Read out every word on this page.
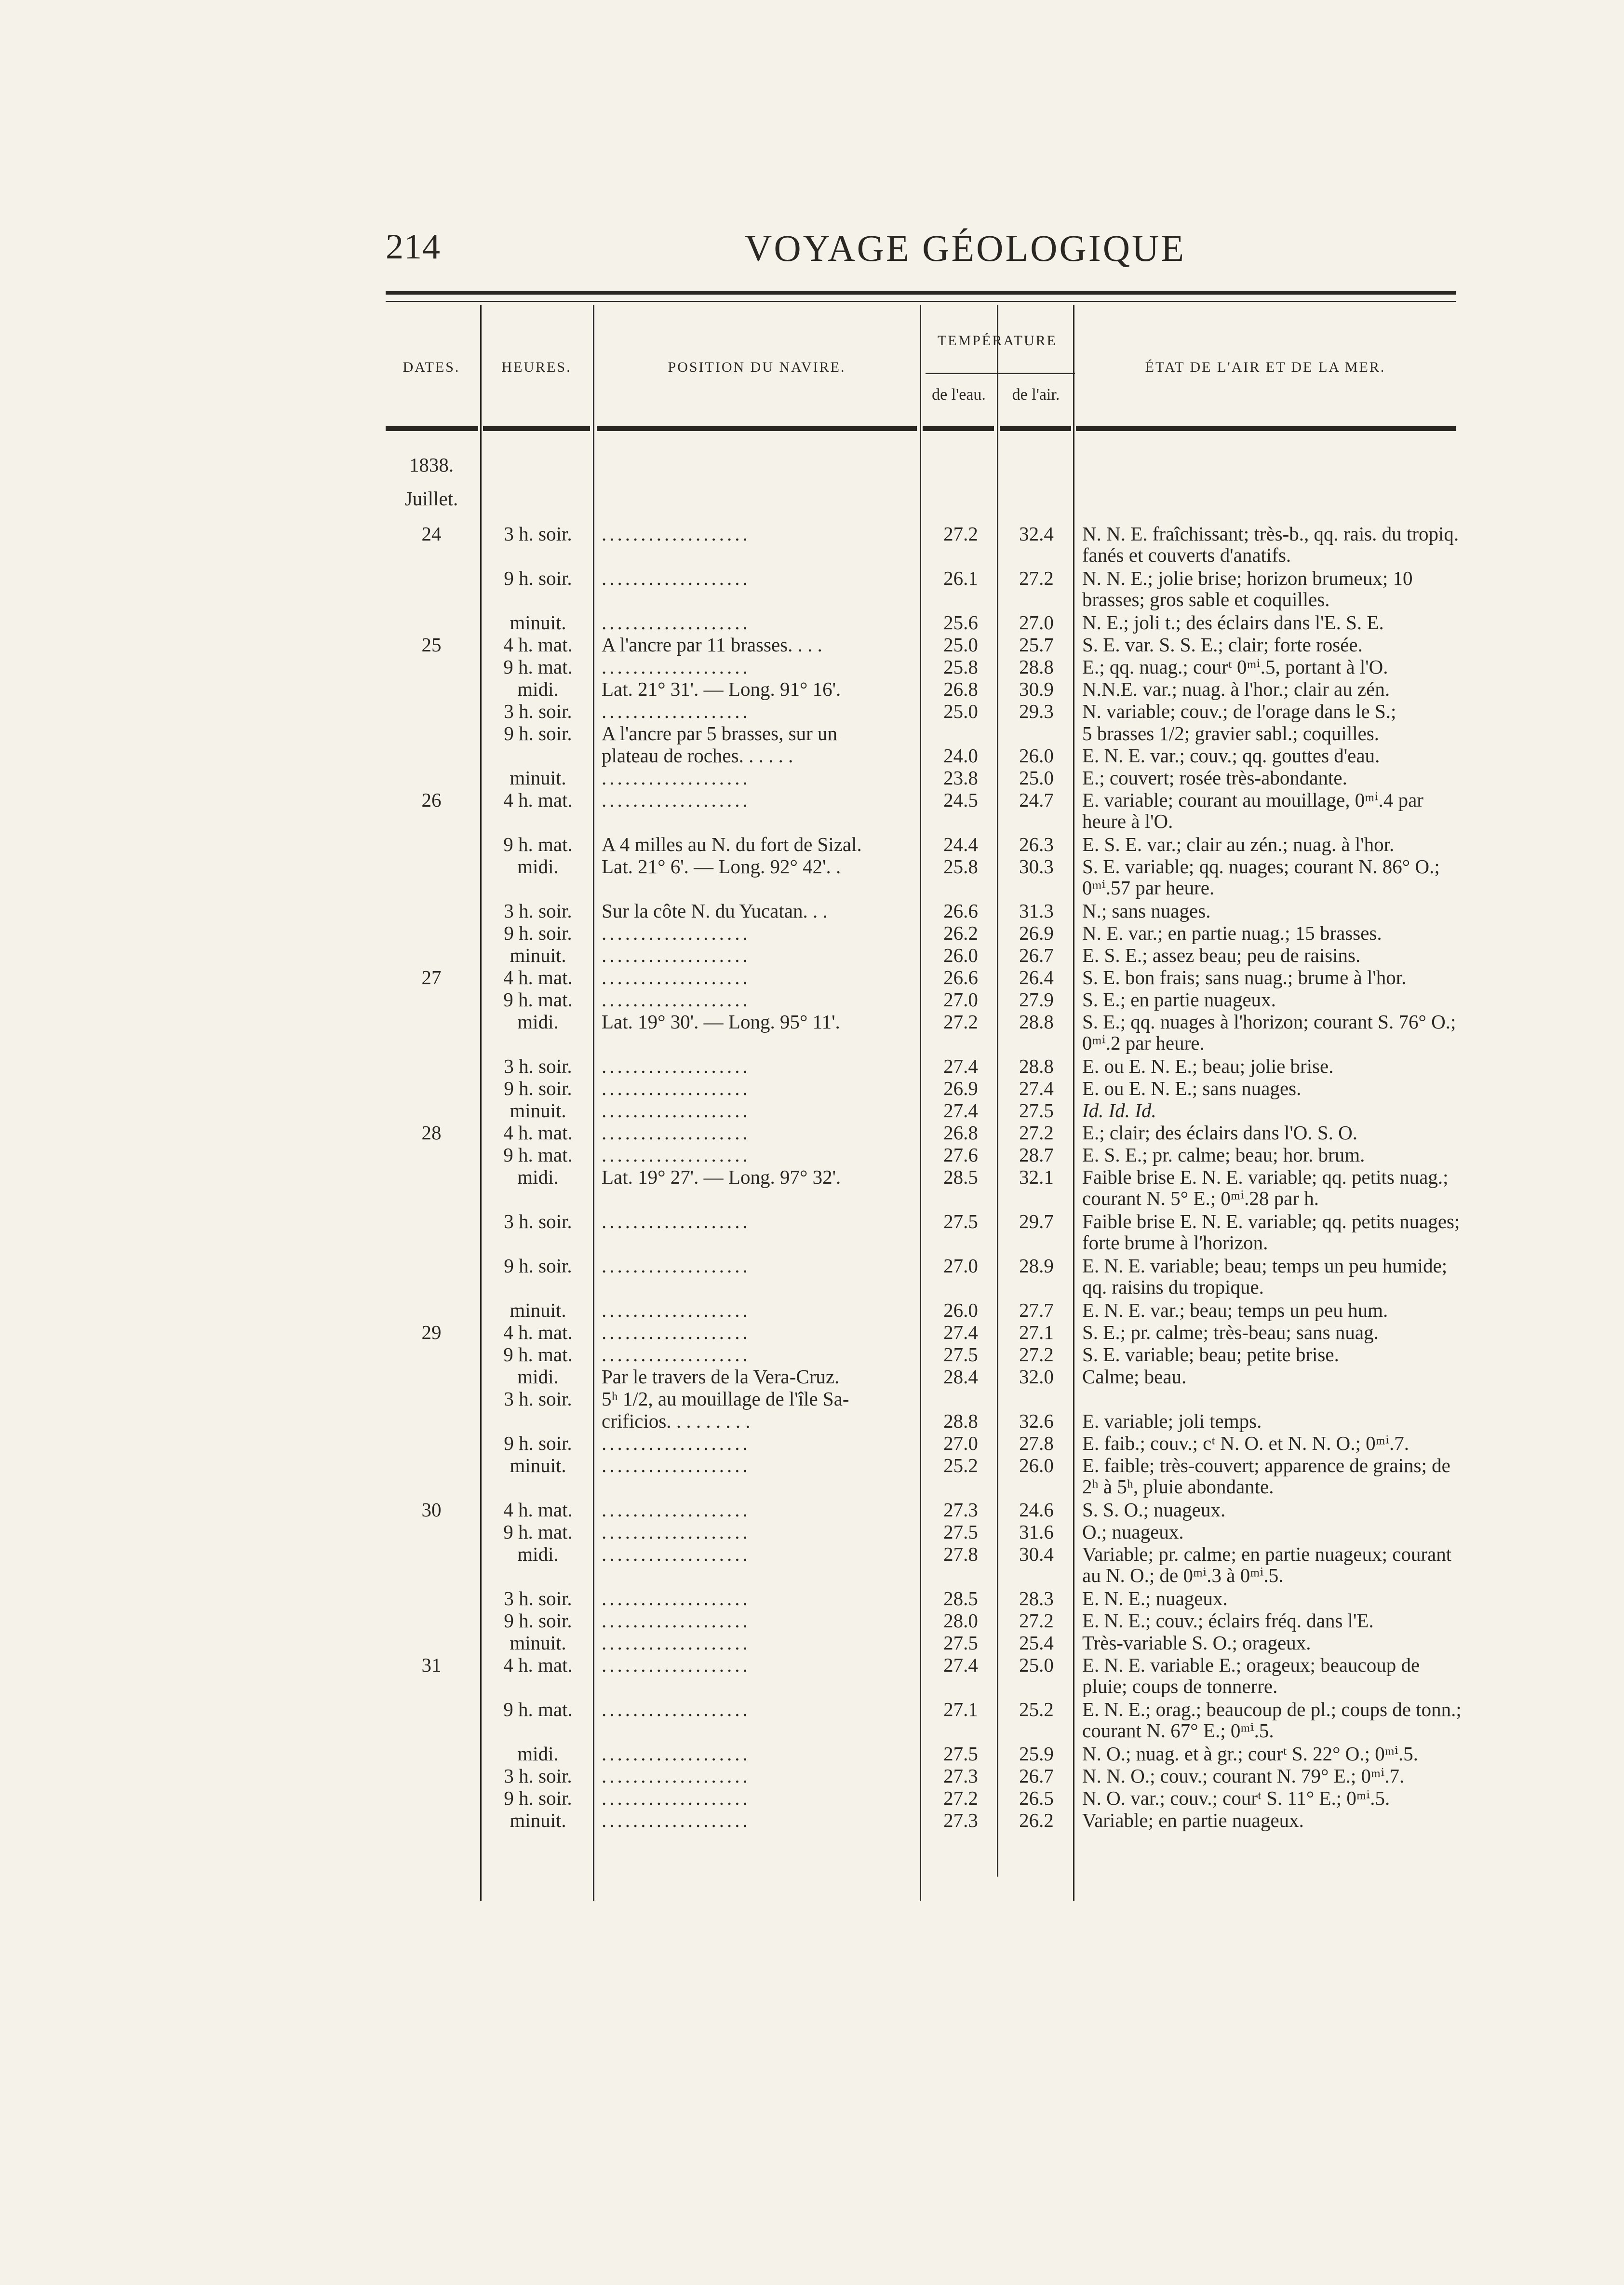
214	VOYAGE GÉOLOGIQUE
DATES.	HEURES.	POSITION DU NAVIRE.
TEMPÉRATURE
de l'eau.	de l'air.
ÉTAT DE L'AIR ET DE LA MER.
1838.
Juillet.
24	3 h. soir.	...................	27.2	32.4	N. N. E. fraîchissant; très-b., qq. rais. du tropiq. fanés et couverts d'anatifs.
9 h. soir.	...................	26.1	27.2	N. N. E.; jolie brise; horizon brumeux; 10 brasses; gros sable et coquilles.
minuit.	...................	25.6	27.0	N. E.; joli t.; des éclairs dans l'E. S. E.
25	4 h. mat.	A l'ancre par 11 brasses. . . .	25.0	25.7	S. E. var. S. S. E.; clair; forte rosée.
9 h. mat.	...................	25.8	28.8	E.; qq. nuag.; courᵗ 0ᵐⁱ.5, portant à l'O.
midi.	Lat. 21° 31'. — Long. 91° 16'.	26.8	30.9	N.N.E. var.; nuag. à l'hor.; clair au zén.
3 h. soir.	...................	25.0	29.3	N. variable; couv.; de l'orage dans le S.;
9 h. soir.	A l'ancre par 5 brasses, sur un	5 brasses 1/2; gravier sabl.; coquilles.
plateau de roches. . . . . .	24.0	26.0	E. N. E. var.; couv.; qq. gouttes d'eau.
minuit.	...................	23.8	25.0	E.; couvert; rosée très-abondante.
26	4 h. mat.	...................	24.5	24.7	E. variable; courant au mouillage, 0ᵐⁱ.4 par heure à l'O.
9 h. mat.	A 4 milles au N. du fort de Sizal.	24.4	26.3	E. S. E. var.; clair au zén.; nuag. à l'hor.
midi.	Lat. 21° 6'. — Long. 92° 42'. .	25.8	30.3	S. E. variable; qq. nuages; courant N. 86° O.; 0ᵐⁱ.57 par heure.
3 h. soir.	Sur la côte N. du Yucatan. . .	26.6	31.3	N.; sans nuages.
9 h. soir.	...................	26.2	26.9	N. E. var.; en partie nuag.; 15 brasses.
minuit.	...................	26.0	26.7	E. S. E.; assez beau; peu de raisins.
27	4 h. mat.	...................	26.6	26.4	S. E. bon frais; sans nuag.; brume à l'hor.
9 h. mat.	...................	27.0	27.9	S. E.; en partie nuageux.
midi.	Lat. 19° 30'. — Long. 95° 11'.	27.2	28.8	S. E.; qq. nuages à l'horizon; courant S. 76° O.; 0ᵐⁱ.2 par heure.
3 h. soir.	...................	27.4	28.8	E. ou E. N. E.; beau; jolie brise.
9 h. soir.	...................	26.9	27.4	E. ou E. N. E.; sans nuages.
minuit.	...................	27.4	27.5	Id. Id. Id.
28	4 h. mat.	...................	26.8	27.2	E.; clair; des éclairs dans l'O. S. O.
9 h. mat.	...................	27.6	28.7	E. S. E.; pr. calme; beau; hor. brum.
midi.	Lat. 19° 27'. — Long. 97° 32'.	28.5	32.1	Faible brise E. N. E. variable; qq. petits nuag.; courant N. 5° E.; 0ᵐⁱ.28 par h.
3 h. soir.	...................	27.5	29.7	Faible brise E. N. E. variable; qq. petits nuages; forte brume à l'horizon.
9 h. soir.	...................	27.0	28.9	E. N. E. variable; beau; temps un peu humide; qq. raisins du tropique.
minuit.	...................	26.0	27.7	E. N. E. var.; beau; temps un peu hum.
29	4 h. mat.	...................	27.4	27.1	S. E.; pr. calme; très-beau; sans nuag.
9 h. mat.	...................	27.5	27.2	S. E. variable; beau; petite brise.
midi.	Par le travers de la Vera-Cruz.	28.4	32.0	Calme; beau.
3 h. soir.	5ʰ 1/2, au mouillage de l'île Sa-
crificios. . . . . . . . .	28.8	32.6	E. variable; joli temps.
9 h. soir.	...................	27.0	27.8	E. faib.; couv.; cᵗ N. O. et N. N. O.; 0ᵐⁱ.7.
minuit.	...................	25.2	26.0	E. faible; très-couvert; apparence de grains; de 2ʰ à 5ʰ, pluie abondante.
30	4 h. mat.	...................	27.3	24.6	S. S. O.; nuageux.
9 h. mat.	...................	27.5	31.6	O.; nuageux.
midi.	...................	27.8	30.4	Variable; pr. calme; en partie nuageux; courant au N. O.; de 0ᵐⁱ.3 à 0ᵐⁱ.5.
3 h. soir.	...................	28.5	28.3	E. N. E.; nuageux.
9 h. soir.	...................	28.0	27.2	E. N. E.; couv.; éclairs fréq. dans l'E.
minuit.	...................	27.5	25.4	Très-variable S. O.; orageux.
31	4 h. mat.	...................	27.4	25.0	E. N. E. variable E.; orageux; beaucoup de pluie; coups de tonnerre.
9 h. mat.	...................	27.1	25.2	E. N. E.; orag.; beaucoup de pl.; coups de tonn.; courant N. 67° E.; 0ᵐⁱ.5.
midi.	...................	27.5	25.9	N. O.; nuag. et à gr.; courᵗ S. 22° O.; 0ᵐⁱ.5.
3 h. soir.	...................	27.3	26.7	N. N. O.; couv.; courant N. 79° E.; 0ᵐⁱ.7.
9 h. soir.	...................	27.2	26.5	N. O. var.; couv.; courᵗ S. 11° E.; 0ᵐⁱ.5.
minuit.	...................	27.3	26.2	Variable; en partie nuageux.
